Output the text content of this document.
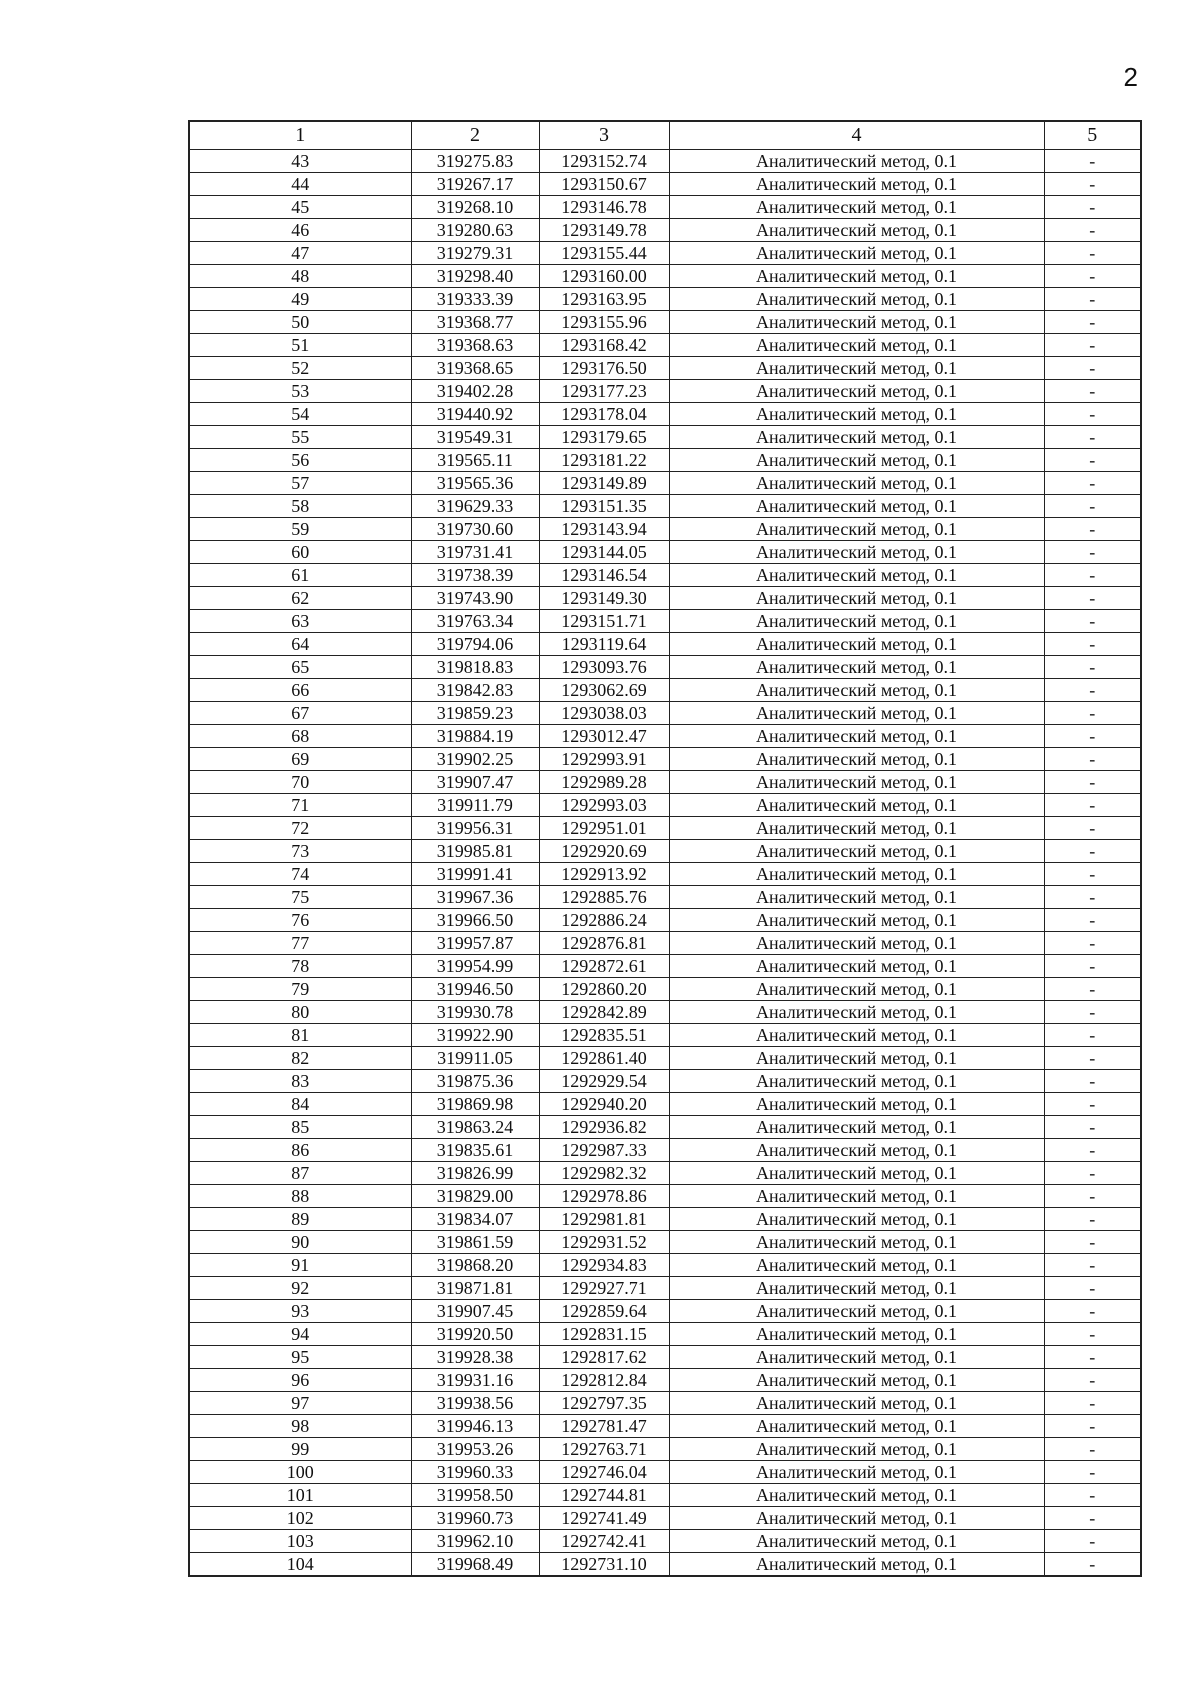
2
1	2	3	4	5
43	319275.83	1293152.74	Аналитический метод, 0.1	-
44	319267.17	1293150.67	Аналитический метод, 0.1	-
45	319268.10	1293146.78	Аналитический метод, 0.1	-
46	319280.63	1293149.78	Аналитический метод, 0.1	-
47	319279.31	1293155.44	Аналитический метод, 0.1	-
48	319298.40	1293160.00	Аналитический метод, 0.1	-
49	319333.39	1293163.95	Аналитический метод, 0.1	-
50	319368.77	1293155.96	Аналитический метод, 0.1	-
51	319368.63	1293168.42	Аналитический метод, 0.1	-
52	319368.65	1293176.50	Аналитический метод, 0.1	-
53	319402.28	1293177.23	Аналитический метод, 0.1	-
54	319440.92	1293178.04	Аналитический метод, 0.1	-
55	319549.31	1293179.65	Аналитический метод, 0.1	-
56	319565.11	1293181.22	Аналитический метод, 0.1	-
57	319565.36	1293149.89	Аналитический метод, 0.1	-
58	319629.33	1293151.35	Аналитический метод, 0.1	-
59	319730.60	1293143.94	Аналитический метод, 0.1	-
60	319731.41	1293144.05	Аналитический метод, 0.1	-
61	319738.39	1293146.54	Аналитический метод, 0.1	-
62	319743.90	1293149.30	Аналитический метод, 0.1	-
63	319763.34	1293151.71	Аналитический метод, 0.1	-
64	319794.06	1293119.64	Аналитический метод, 0.1	-
65	319818.83	1293093.76	Аналитический метод, 0.1	-
66	319842.83	1293062.69	Аналитический метод, 0.1	-
67	319859.23	1293038.03	Аналитический метод, 0.1	-
68	319884.19	1293012.47	Аналитический метод, 0.1	-
69	319902.25	1292993.91	Аналитический метод, 0.1	-
70	319907.47	1292989.28	Аналитический метод, 0.1	-
71	319911.79	1292993.03	Аналитический метод, 0.1	-
72	319956.31	1292951.01	Аналитический метод, 0.1	-
73	319985.81	1292920.69	Аналитический метод, 0.1	-
74	319991.41	1292913.92	Аналитический метод, 0.1	-
75	319967.36	1292885.76	Аналитический метод, 0.1	-
76	319966.50	1292886.24	Аналитический метод, 0.1	-
77	319957.87	1292876.81	Аналитический метод, 0.1	-
78	319954.99	1292872.61	Аналитический метод, 0.1	-
79	319946.50	1292860.20	Аналитический метод, 0.1	-
80	319930.78	1292842.89	Аналитический метод, 0.1	-
81	319922.90	1292835.51	Аналитический метод, 0.1	-
82	319911.05	1292861.40	Аналитический метод, 0.1	-
83	319875.36	1292929.54	Аналитический метод, 0.1	-
84	319869.98	1292940.20	Аналитический метод, 0.1	-
85	319863.24	1292936.82	Аналитический метод, 0.1	-
86	319835.61	1292987.33	Аналитический метод, 0.1	-
87	319826.99	1292982.32	Аналитический метод, 0.1	-
88	319829.00	1292978.86	Аналитический метод, 0.1	-
89	319834.07	1292981.81	Аналитический метод, 0.1	-
90	319861.59	1292931.52	Аналитический метод, 0.1	-
91	319868.20	1292934.83	Аналитический метод, 0.1	-
92	319871.81	1292927.71	Аналитический метод, 0.1	-
93	319907.45	1292859.64	Аналитический метод, 0.1	-
94	319920.50	1292831.15	Аналитический метод, 0.1	-
95	319928.38	1292817.62	Аналитический метод, 0.1	-
96	319931.16	1292812.84	Аналитический метод, 0.1	-
97	319938.56	1292797.35	Аналитический метод, 0.1	-
98	319946.13	1292781.47	Аналитический метод, 0.1	-
99	319953.26	1292763.71	Аналитический метод, 0.1	-
100	319960.33	1292746.04	Аналитический метод, 0.1	-
101	319958.50	1292744.81	Аналитический метод, 0.1	-
102	319960.73	1292741.49	Аналитический метод, 0.1	-
103	319962.10	1292742.41	Аналитический метод, 0.1	-
104	319968.49	1292731.10	Аналитический метод, 0.1	-
